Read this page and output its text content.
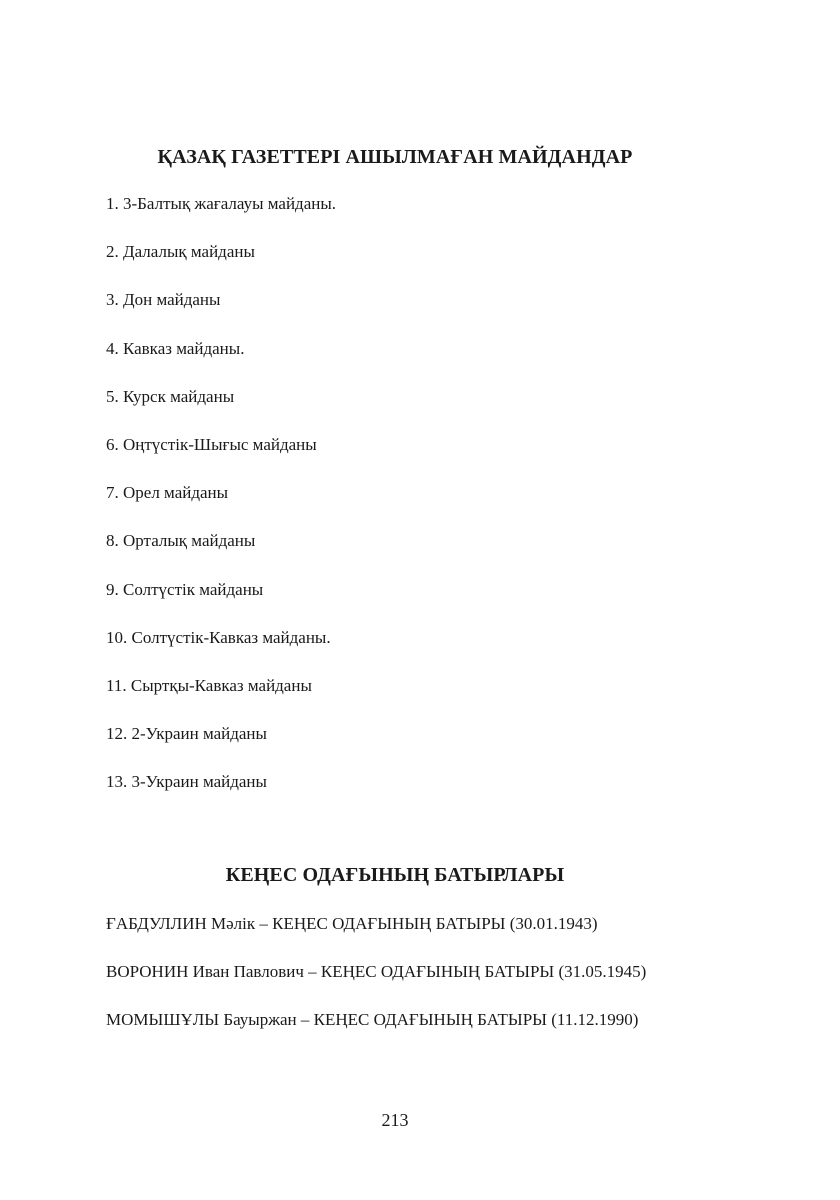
ҚАЗАҚ ГАЗЕТТЕРІ АШЫЛМАҒАН МАЙДАНДАР
1. 3-Балтық жағалауы майданы.
2. Далалық майданы
3. Дон майданы
4. Кавказ майданы.
5. Курск майданы
6. Оңтүстік-Шығыс майданы
7. Орел майданы
8. Орталық майданы
9. Солтүстік майданы
10. Солтүстік-Кавказ майданы.
11. Сыртқы-Кавказ майданы
12. 2-Украин майданы
13. 3-Украин майданы
КЕҢЕС ОДАҒЫНЫҢ БАТЫРЛАРЫ
ҒАБДУЛЛИН Мәлік – КЕҢЕС ОДАҒЫНЫҢ БАТЫРЫ (30.01.1943)
ВОРОНИН Иван Павлович – КЕҢЕС ОДАҒЫНЫҢ БАТЫРЫ (31.05.1945)
МОМЫШҰЛЫ Бауыржан – КЕҢЕС ОДАҒЫНЫҢ БАТЫРЫ (11.12.1990)
213
